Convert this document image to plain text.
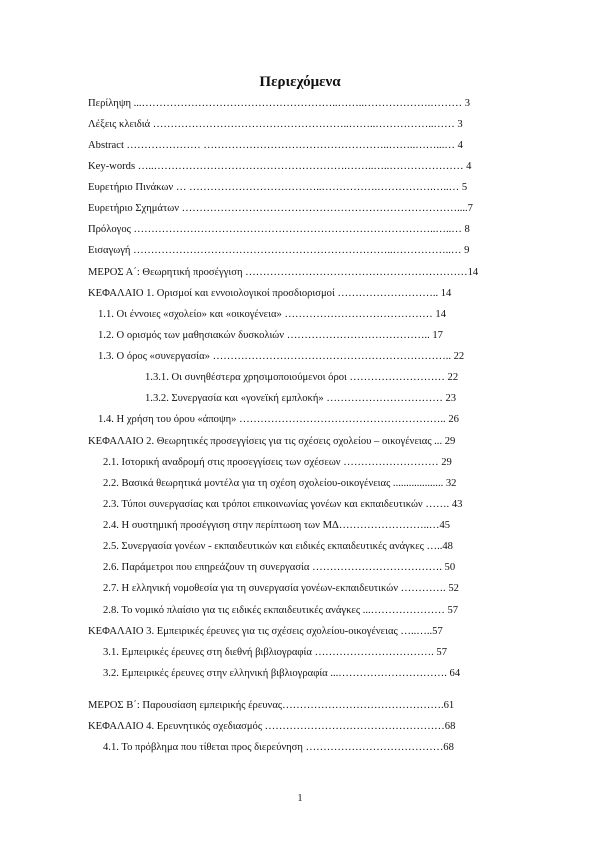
Περιεχόμενα
Περίληψη ...………………………………………………..……..……………….……… 3
Λέξεις κλειδιά ………………………………………………..……..……………..…… 3
Abstract ………………… ……………………………………………..……..……...… 4
Key-words …..……………………………………………….……..…..………………… 4
Ευρετήριο Πινάκων … ………………………………..…………….…………….…..… 5
Ευρετήριο Σχημάτων ……………………………………………………………………....7
Πρόλογος …………………………………………………………………………..…..… 8
Εισαγωγή ………………………………………………………………..……………..… 9
ΜΕΡΟΣ Α΄: Θεωρητική προσέγγιση ………………………………………………………14
ΚΕΦΑΛΑΙΟ 1. Ορισμοί και εννοιολογικοί προσδιορισμοί ……………………….. 14
1.1. Οι έννοιες «σχολείο» και «οικογένεια» …………………………………… 14
1.2. Ο ορισμός των μαθησιακών δυσκολιών ………………………………….. 17
1.3. Ο όρος «συνεργασία» ………………………………………………………….. 22
1.3.1. Οι συνηθέστερα χρησιμοποιούμενοι όροι ……………………… 22
1.3.2. Συνεργασία και «γονεϊκή εμπλοκή» …………………………… 23
1.4. Η χρήση του όρου «άποψη» ………………………………………………….. 26
ΚΕΦΑΛΑΙΟ 2. Θεωρητικές προσεγγίσεις για τις σχέσεις σχολείου – οικογένειας ... 29
2.1. Ιστορική αναδρομή στις προσεγγίσεις των σχέσεων ……………………… 29
2.2. Βασικά θεωρητικά μοντέλα για τη σχέση σχολείου-οικογένειας ................... 32
2.3. Τύποι συνεργασίας και τρόποι επικοινωνίας γονέων και εκπαιδευτικών ……. 43
2.4. Η συστημική προσέγγιση στην περίπτωση των ΜΔ……………………..…45
2.5. Συνεργασία γονέων - εκπαιδευτικών και ειδικές εκπαιδευτικές ανάγκες …..48
2.6. Παράμετροι που επηρεάζουν τη συνεργασία ………………………………. 50
2.7. Η ελληνική νομοθεσία για τη συνεργασία γονέων-εκπαιδευτικών …………. 52
2.8. Το νομικό πλαίσιο για τις ειδικές εκπαιδευτικές ανάγκες ...………………… 57
ΚΕΦΑΛΑΙΟ 3. Εμπειρικές έρευνες για τις σχέσεις σχολείου-οικογένειας …..…..57
3.1. Εμπειρικές έρευνες στη διεθνή βιβλιογραφία ……………………………. 57
3.2. Εμπειρικές έρευνες στην ελληνική βιβλιογραφία ...…………………………. 64
ΜΕΡΟΣ Β΄: Παρουσίαση εμπειρικής έρευνας……………………………………….61
ΚΕΦΑΛΑΙΟ 4. Ερευνητικός σχεδιασμός ……………………………………………68
4.1. Το πρόβλημα που τίθεται προς διερεύνηση …………………………………68
1
